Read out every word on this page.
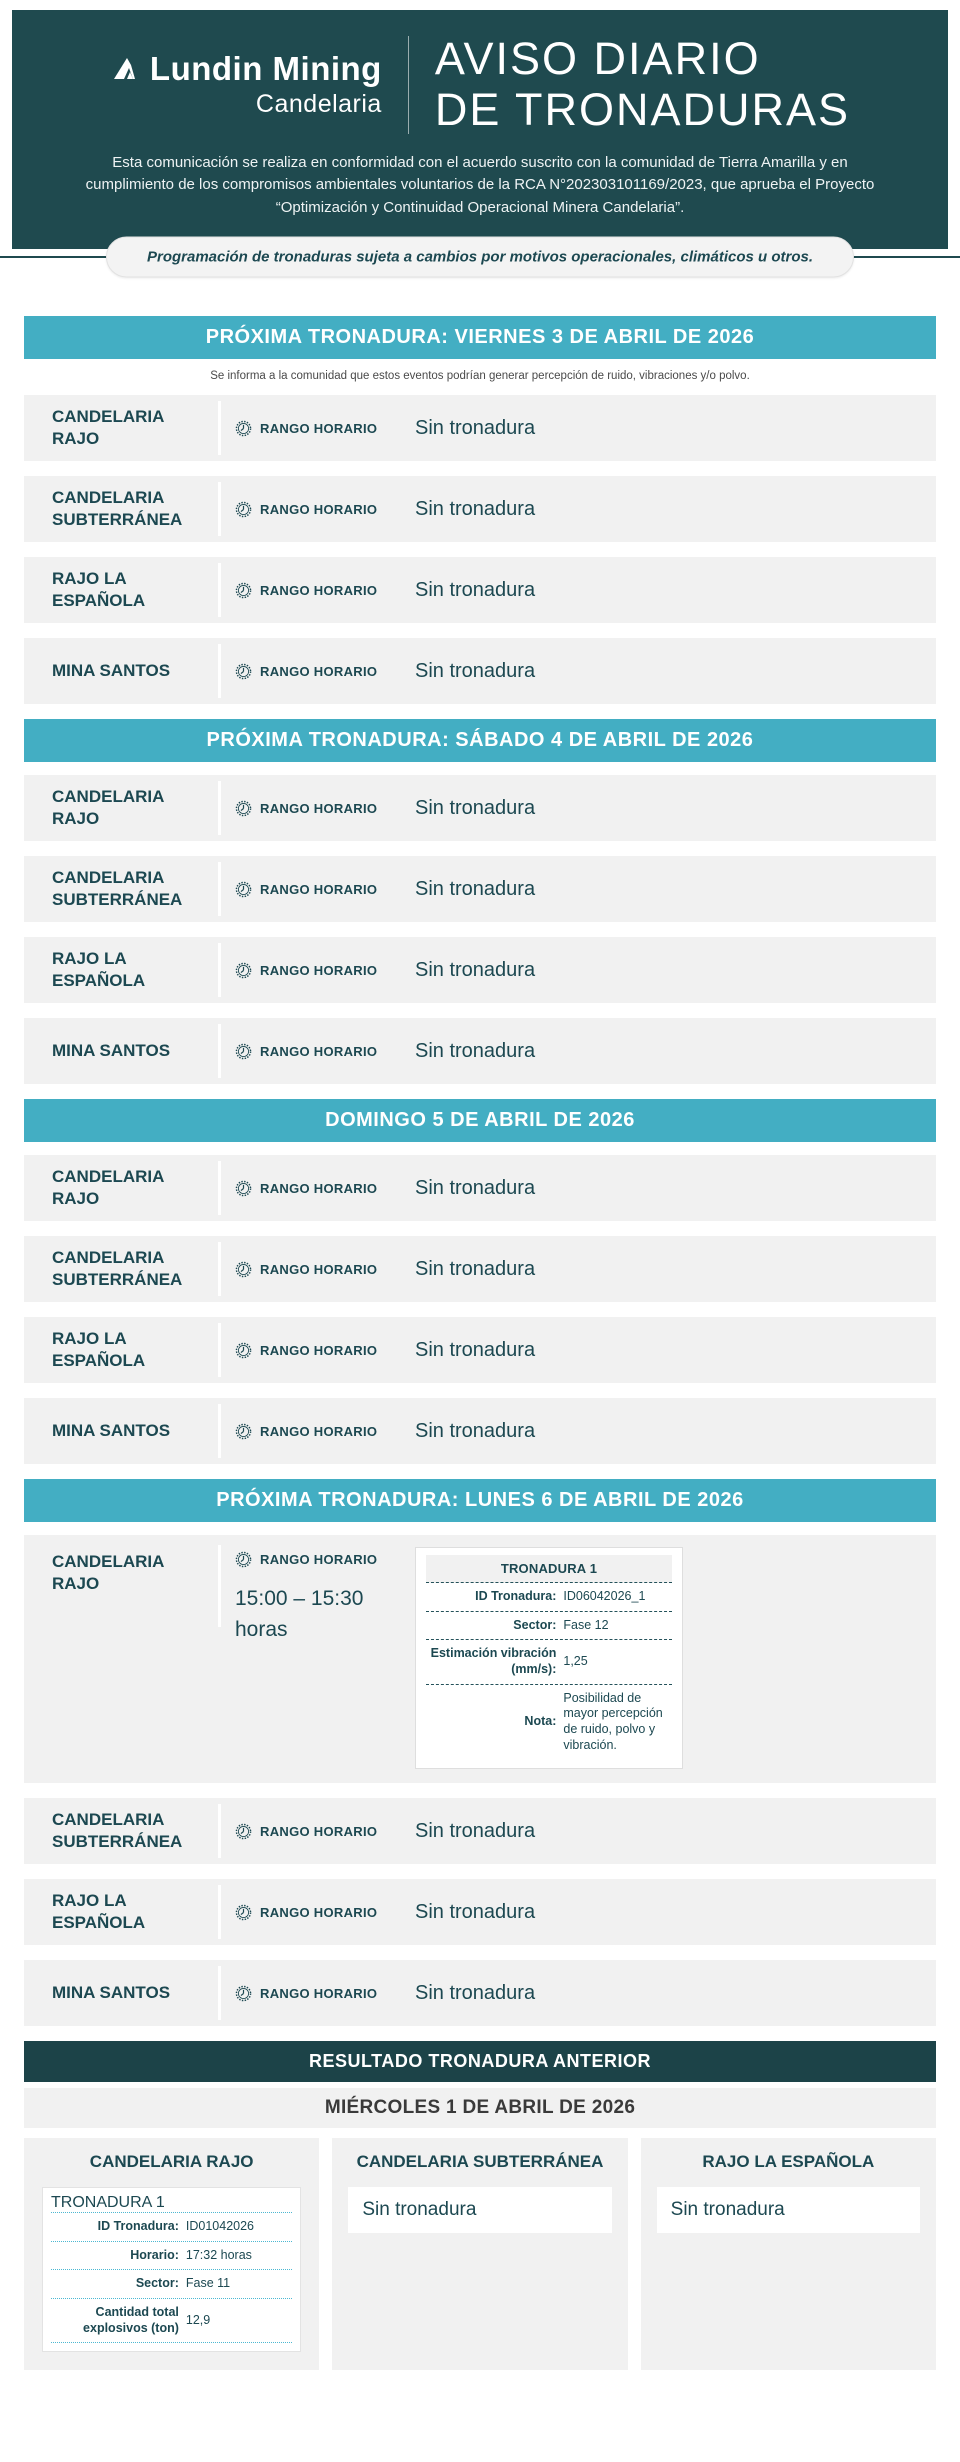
Lundin Mining
Candelaria
AVISO DIARIO
DE TRONADURAS
Esta comunicación se realiza en conformidad con el acuerdo suscrito con la comunidad de Tierra Amarilla y en cumplimiento de los compromisos ambientales voluntarios de la RCA N°202303101169/2023, que aprueba el Proyecto “Optimización y Continuidad Operacional Minera Candelaria”.
Programación de tronaduras sujeta a cambios por motivos operacionales, climáticos u otros.
PRÓXIMA TRONADURA: VIERNES 3 DE ABRIL DE 2026
Se informa a la comunidad que estos eventos podrían generar percepción de ruido, vibraciones y/o polvo.
CANDELARIA RAJO
RANGO HORARIO Sin tronadura
CANDELARIA SUBTERRÁNEA
RANGO HORARIO Sin tronadura
RAJO LA ESPAÑOLA
RANGO HORARIO Sin tronadura
MINA SANTOS	RANGO HORARIO Sin tronadura
PRÓXIMA TRONADURA: SÁBADO 4 DE ABRIL DE 2026
CANDELARIA RAJO
RANGO HORARIO Sin tronadura
CANDELARIA SUBTERRÁNEA
RANGO HORARIO Sin tronadura
RAJO LA ESPAÑOLA
RANGO HORARIO Sin tronadura
MINA SANTOS	RANGO HORARIO Sin tronadura
DOMINGO 5 DE ABRIL DE 2026
CANDELARIA RAJO
RANGO HORARIO Sin tronadura
CANDELARIA SUBTERRÁNEA
RANGO HORARIO Sin tronadura
RAJO LA ESPAÑOLA
RANGO HORARIO Sin tronadura
MINA SANTOS	RANGO HORARIO Sin tronadura
PRÓXIMA TRONADURA: LUNES 6 DE ABRIL DE 2026
CANDELARIA RAJO
RANGO HORARIO
15:00 – 15:30
horas
TRONADURA 1
ID Tronadura: ID06042026_1
Sector: Fase 12
Estimación vibración (mm/s):
1,25
Nota:
Posibilidad de mayor percepción de ruido, polvo y vibración.
CANDELARIA SUBTERRÁNEA
RANGO HORARIO Sin tronadura
RAJO LA ESPAÑOLA
RANGO HORARIO Sin tronadura
MINA SANTOS	RANGO HORARIO Sin tronadura
RESULTADO TRONADURA ANTERIOR
MIÉRCOLES 1 DE ABRIL DE 2026
CANDELARIA RAJO
TRONADURA 1
ID Tronadura: ID01042026
Horario: 17:32 horas
Sector: Fase 11
Cantidad total explosivos (ton)
12,9
CANDELARIA SUBTERRÁNEA
Sin tronadura
RAJO LA ESPAÑOLA
Sin tronadura
